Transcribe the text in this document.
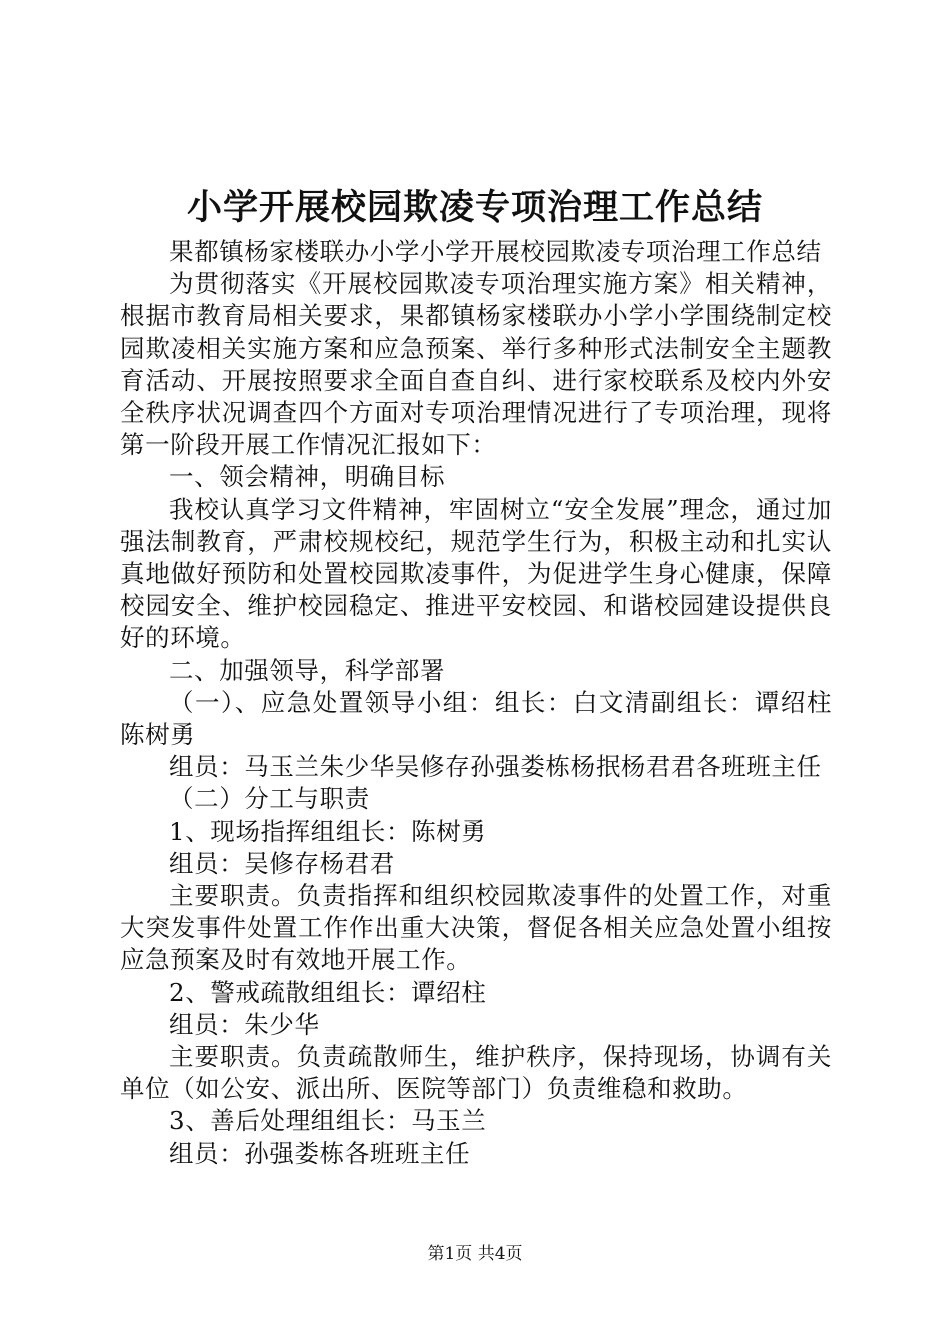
小学开展校园欺凌专项治理工作总结

果都镇杨家楼联办小学小学开展校园欺凌专项治理工作总结

为贯彻落实《开展校园欺凌专项治理实施方案》相关精神，根据市教育局相关要求，果都镇杨家楼联办小学小学围绕制定校园欺凌相关实施方案和应急预案、举行多种形式法制安全主题教育活动、开展按照要求全面自查自纠、进行家校联系及校内外安全秩序状况调查四个方面对专项治理情况进行了专项治理，现将第一阶段开展工作情况汇报如下：

一、领会精神，明确目标

我校认真学习文件精神，牢固树立“安全发展”理念，通过加强法制教育，严肃校规校纪，规范学生行为，积极主动和扎实认真地做好预防和处置校园欺凌事件，为促进学生身心健康，保障校园安全、维护校园稳定、推进平安校园、和谐校园建设提供良好的环境。

二、加强领导，科学部署

（一）、应急处置领导小组：组长：白文清副组长：谭绍柱陈树勇

组员：马玉兰朱少华吴修存孙强娄栋杨抿杨君君各班班主任

（二）分工与职责

1、现场指挥组组长：陈树勇

组员：吴修存杨君君

主要职责。负责指挥和组织校园欺凌事件的处置工作，对重大突发事件处置工作作出重大决策，督促各相关应急处置小组按应急预案及时有效地开展工作。

2、警戒疏散组组长：谭绍柱

组员：朱少华

主要职责。负责疏散师生，维护秩序，保持现场，协调有关单位（如公安、派出所、医院等部门）负责维稳和救助。

3、善后处理组组长：马玉兰

组员：孙强娄栋各班班主任

第1页 共4页
